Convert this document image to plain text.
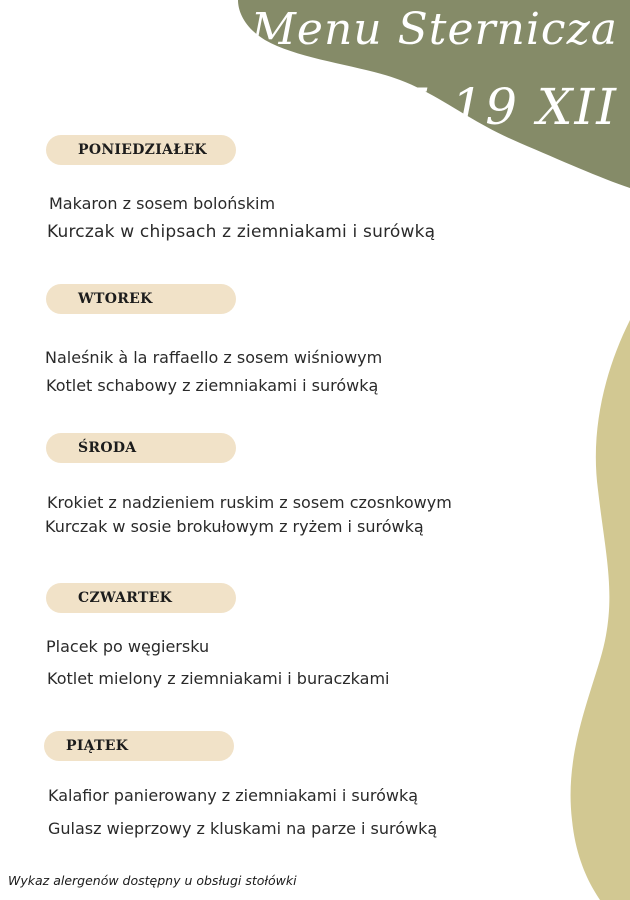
Menu Sternicza
15-19 XII
PONIEDZIAŁEK
Makaron z sosem bolońskim
Kurczak w chipsach z ziemniakami i surówką
WTOREK
Naleśnik à la raffaello z sosem wiśniowym
Kotlet schabowy z ziemniakami i surówką
ŚRODA
Krokiet z nadzieniem ruskim z sosem czosnkowym
Kurczak w sosie brokułowym z ryżem i surówką
CZWARTEK
Placek po węgiersku
Kotlet mielony z ziemniakami i buraczkami
PIĄTEK
Kalafior panierowany z ziemniakami i surówką
Gulasz wieprzowy z kluskami na parze i surówką
Wykaz alergenów dostępny u obsługi stołówki
